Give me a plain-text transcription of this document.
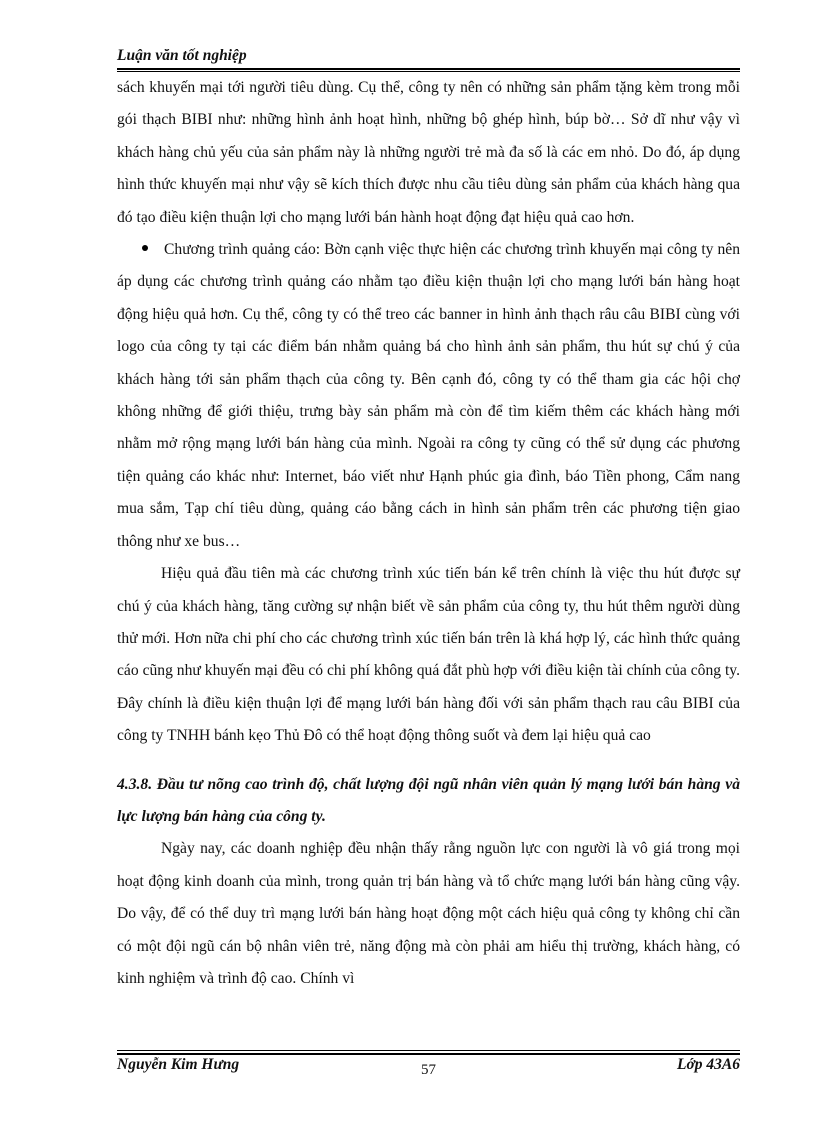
Luận văn tốt nghiệp

sách khuyến mại tới người tiêu dùng. Cụ thể, công ty nên có những sản phẩm tặng kèm trong mỗi gói thạch BIBI như: những hình ảnh hoạt hình, những bộ ghép hình, búp bờ… Sở dĩ như vậy vì khách hàng chủ yếu của sản phẩm này là những người trẻ mà đa số là các em nhỏ. Do đó, áp dụng hình thức khuyến mại như vậy sẽ kích thích được nhu cầu tiêu dùng sản phẩm của khách hàng qua đó tạo điều kiện thuận lợi cho mạng lưới bán hành hoạt động đạt hiệu quả cao hơn.

Chương trình quảng cáo: Bờn cạnh việc thực hiện các chương trình khuyến mại công ty nên áp dụng các chương trình quảng cáo nhằm tạo điều kiện thuận lợi cho mạng lưới bán hàng hoạt động hiệu quả hơn. Cụ thể, công ty có thể treo các banner in hình ảnh thạch râu câu BIBI cùng với logo của công ty tại các điểm bán nhằm quảng bá cho hình ảnh sản phẩm, thu hút sự chú ý của khách hàng tới sản phẩm thạch của công ty. Bên cạnh đó, công ty có thể tham gia các hội chợ không những để giới thiệu, trưng bày sản phẩm mà còn để tìm kiếm thêm các khách hàng mới nhằm mở rộng mạng lưới bán hàng của mình. Ngoài ra công ty cũng có thể sử dụng các phương tiện quảng cáo khác như: Internet, báo viết như Hạnh phúc gia đình, báo Tiền phong, Cẩm nang mua sắm, Tạp chí tiêu dùng, quảng cáo bằng cách in hình sản phẩm trên các phương tiện giao thông như xe bus…

Hiệu quả đầu tiên mà các chương trình xúc tiến bán kể trên chính là việc thu hút được sự chú ý của khách hàng, tăng cường sự nhận biết về sản phẩm của công ty, thu hút thêm người dùng thử mới. Hơn nữa chi phí cho các chương trình xúc tiến bán trên là khá hợp lý, các hình thức quảng cáo cũng như khuyến mại đều có chi phí không quá đắt phù hợp với điều kiện tài chính của công ty. Đây chính là điều kiện thuận lợi để mạng lưới bán hàng đối với sản phẩm thạch rau câu BIBI của công ty TNHH bánh kẹo Thủ Đô có thể hoạt động thông suốt và đem lại hiệu quả cao

4.3.8. Đầu tư nõng cao trình độ, chất lượng đội ngũ nhân viên quản lý mạng lưới bán hàng và lực lượng bán hàng của công ty.

Ngày nay, các doanh nghiệp đều nhận thấy rằng nguồn lực con người là vô giá trong mọi hoạt động kinh doanh của mình, trong quản trị bán hàng và tổ chức mạng lưới bán hàng cũng vậy. Do vậy, để có thể duy trì mạng lưới bán hàng hoạt động một cách hiệu quả công ty không chỉ cần có một đội ngũ cán bộ nhân viên trẻ, năng động mà còn phải am hiểu thị trường, khách hàng, có kinh nghiệm và trình độ cao. Chính vì

Nguyễn Kim Hưng	57	Lớp 43A6
